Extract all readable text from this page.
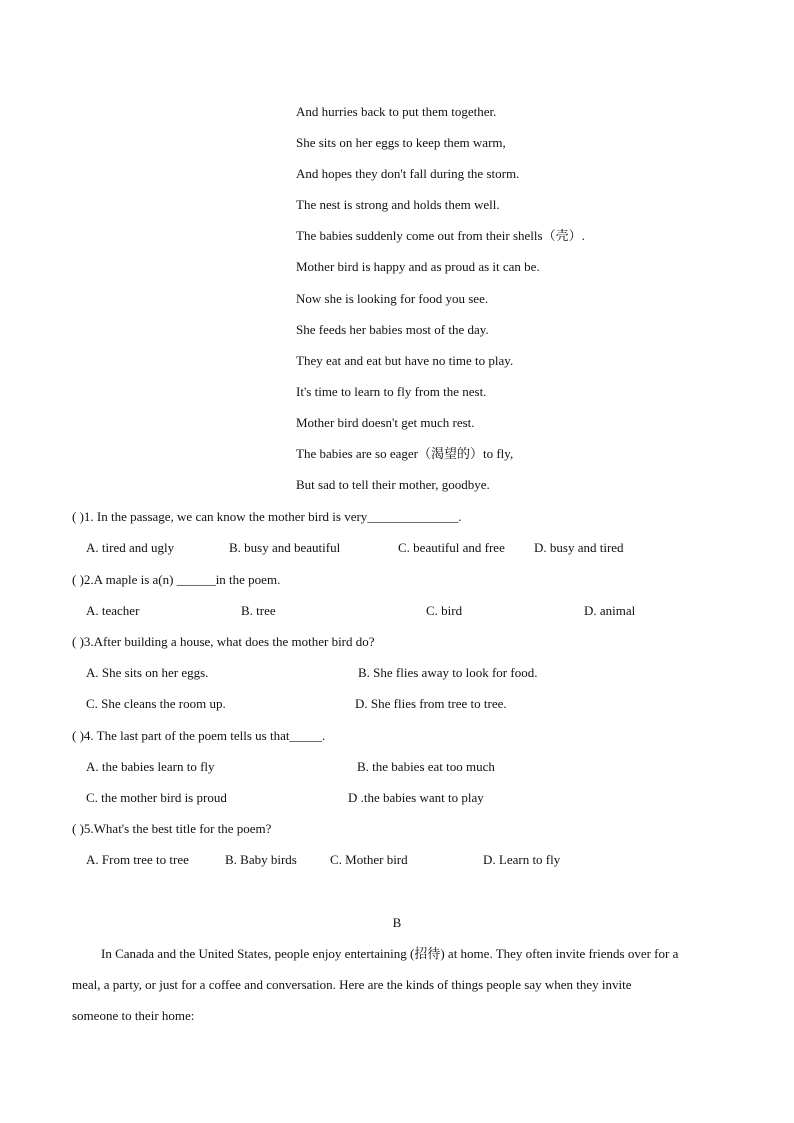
And hurries back to put them together.
She sits on her eggs to keep them warm,
And hopes they don't fall during the storm.
The nest is strong and holds them well.
The babies suddenly come out from their shells（壳）.
Mother bird is happy and as proud as it can be.
Now she is looking for food you see.
She feeds her babies most of the day.
They eat and eat but have no time to play.
It's time to learn to fly from the nest.
Mother bird doesn't get much rest.
The babies are so eager（渴望的）to fly,
But sad to tell their mother, goodbye.
( )1. In the passage, we can know the mother bird is very______________.
A. tired and ugly	B. busy and beautiful	C. beautiful and free D. busy and tired
( )2.A maple is a(n) ______in the poem.
A. teacher	B. tree	C. bird	D. animal
( )3.After building a house, what does the mother bird do?
A. She sits on her eggs.	B. She flies away to look for food.
C. She cleans the room up.	D. She flies from tree to tree.
( )4. The last part of the poem tells us that_____.
A. the babies learn to fly	B. the babies eat too much
C. the mother bird is proud	D .the babies want to play
( )5.What's the best title for the poem?
A. From tree to tree	B. Baby birds	C. Mother bird	D. Learn to fly
B
In Canada and the United States, people enjoy entertaining (招待) at home. They often invite friends over for a
meal, a party, or just for a coffee and conversation. Here are the kinds of things people say when they invite
someone to their home:
